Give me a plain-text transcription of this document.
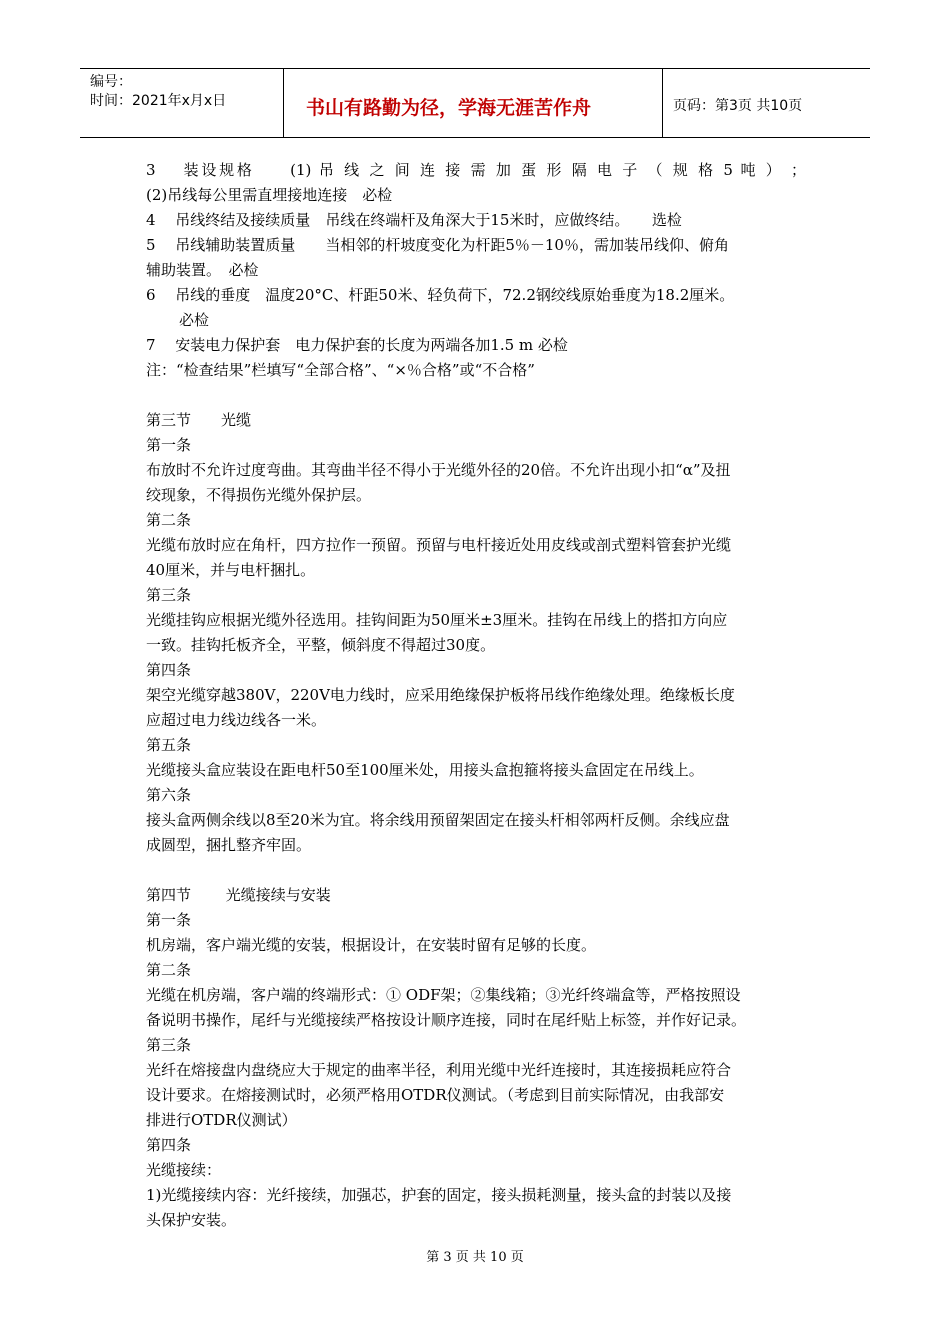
编号：
时间：2021年x月x日	书山有路勤为径，学海无涯苦作舟	页码：第3页 共10页
3　 装设规格　　(1) 吊 线 之 间 连 接 需 加 蛋 形 隔 电 子 （ 规 格 5 吨 ） ；
(2)吊线每公里需直埋接地连接　必检
4　 吊线终结及接续质量　吊线在终端杆及角深大于15米时，应做终结。　　选检
5　 吊线辅助装置质量　　当相邻的杆坡度变化为杆距5％－10％，需加装吊线仰、俯角
辅助装置。　必检
6　 吊线的垂度　温度20°C、杆距50米、轻负荷下，72.2钢绞线原始垂度为18.2厘米。
必检
7　 安装电力保护套　电力保护套的长度为两端各加1.5 m 必检
注：“检查结果”栏填写“全部合格”、“×％合格”或“不合格”
第三节　　光缆
第一条
布放时不允许过度弯曲。其弯曲半径不得小于光缆外径的20倍。不允许出现小扣“α”及扭
绞现象，不得损伤光缆外保护层。
第二条
光缆布放时应在角杆，四方拉作一预留。预留与电杆接近处用皮线或剖式塑料管套护光缆
40厘米，并与电杆捆扎。
第三条
光缆挂钩应根据光缆外径选用。挂钩间距为50厘米±3厘米。挂钩在吊线上的搭扣方向应
一致。挂钩托板齐全，平整，倾斜度不得超过30度。
第四条
架空光缆穿越380V，220V电力线时，应采用绝缘保护板将吊线作绝缘处理。绝缘板长度
应超过电力线边线各一米。
第五条
光缆接头盒应装设在距电杆50至100厘米处，用接头盒抱箍将接头盒固定在吊线上。
第六条
接头盒两侧余线以8至20米为宜。将余线用预留架固定在接头杆相邻两杆反侧。余线应盘
成圆型，捆扎整齐牢固。
第四节　　 光缆接续与安装
第一条
机房端，客户端光缆的安装，根据设计，在安装时留有足够的长度。
第二条
光缆在机房端，客户端的终端形式：① ODF架；②集线箱；③光纤终端盒等，严格按照设
备说明书操作，尾纤与光缆接续严格按设计顺序连接，同时在尾纤贴上标签，并作好记录。
第三条
光纤在熔接盘内盘绕应大于规定的曲率半径，利用光缆中光纤连接时，其连接损耗应符合
设计要求。在熔接测试时，必须严格用OTDR仪测试。（考虑到目前实际情况，由我部安
排进行OTDR仪测试）
第四条
光缆接续：
1)光缆接续内容：光纤接续，加强芯，护套的固定，接头损耗测量，接头盒的封装以及接
头保护安装。
第 3 页 共 10 页
